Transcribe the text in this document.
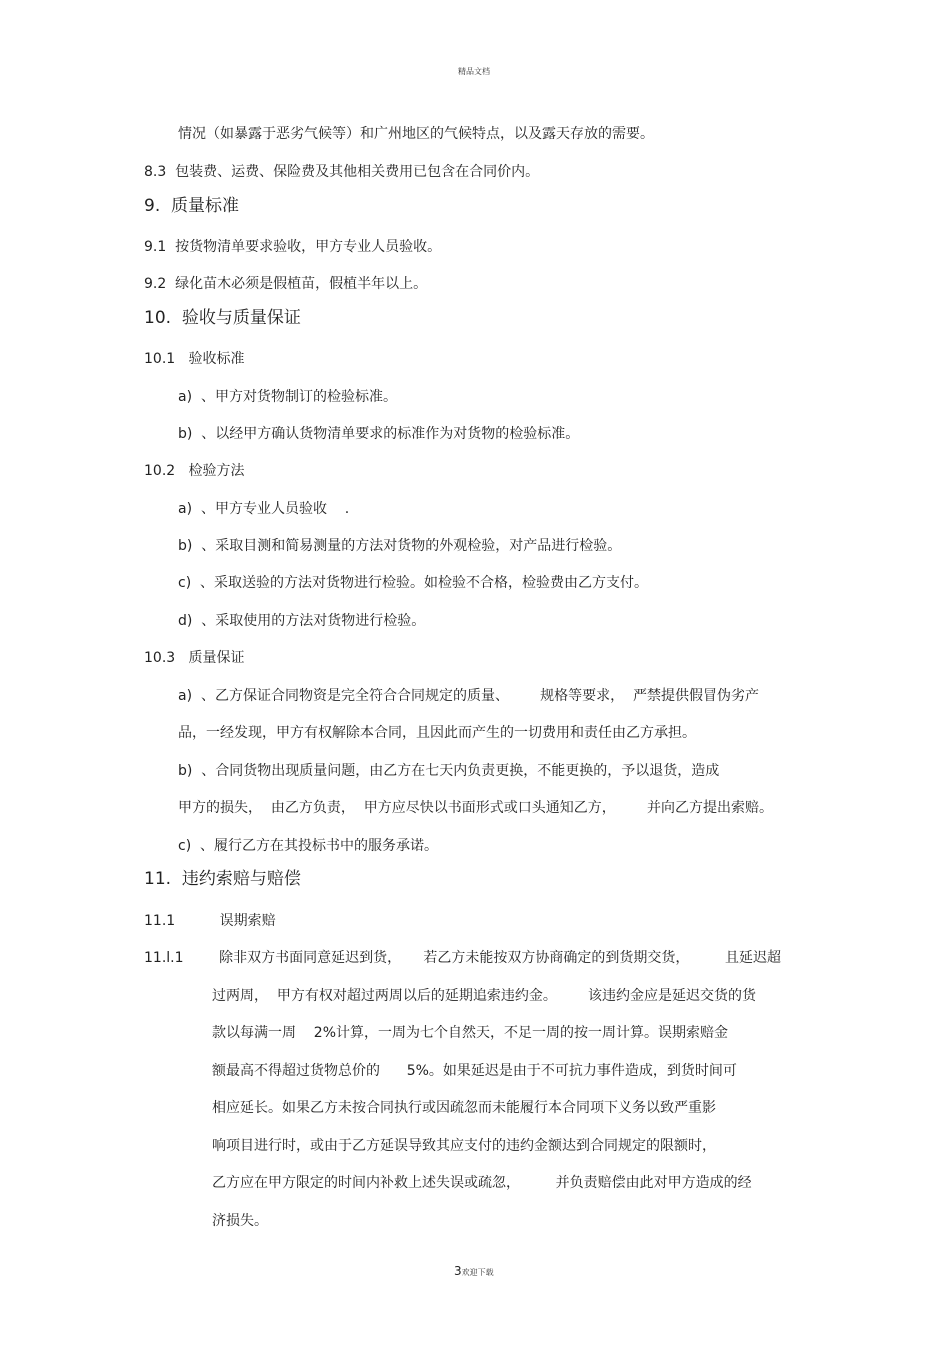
精品文档
情况（如暴露于恶劣气候等）和广州地区的气候特点，以及露天存放的需要。
8.3  包装费、运费、保险费及其他相关费用已包含在合同价内。
9.  质量标准
9.1  按货物清单要求验收，甲方专业人员验收。
9.2  绿化苗木必须是假植苗，假植半年以上。
10.  验收与质量保证
10.1   验收标准
a)  、甲方对货物制订的检验标准。
b)  、以经甲方确认货物清单要求的标准作为对货物的检验标准。
10.2   检验方法
a)  、甲方专业人员验收    .
b)  、采取目测和简易测量的方法对货物的外观检验，对产品进行检验。
c)  、采取送验的方法对货物进行检验。如检验不合格，检验费由乙方支付。
d)  、采取使用的方法对货物进行检验。
10.3   质量保证
a)  、乙方保证合同物资是完全符合合同规定的质量、       规格等要求，  严禁提供假冒伪劣产
品，一经发现，甲方有权解除本合同，且因此而产生的一切费用和责任由乙方承担。
b)  、合同货物出现质量问题，由乙方在七天内负责更换，不能更换的，予以退货，造成
甲方的损失，  由乙方负责，  甲方应尽快以书面形式或口头通知乙方，       并向乙方提出索赔。
c)  、履行乙方在其投标书中的服务承诺。
11.  违约索赔与赔偿
11.1          误期索赔
11.l.1        除非双方书面同意延迟到货，     若乙方未能按双方协商确定的到货期交货，        且延迟超
过两周，  甲方有权对超过两周以后的延期追索违约金。       该违约金应是延迟交货的货
款以每满一周    2%计算，一周为七个自然天，不足一周的按一周计算。误期索赔金
额最高不得超过货物总价的      5%。如果延迟是由于不可抗力事件造成，到货时间可
相应延长。如果乙方未按合同执行或因疏忽而未能履行本合同项下义务以致严重影
响项目进行时，或由于乙方延误导致其应支付的违约金额达到合同规定的限额时，
乙方应在甲方限定的时间内补救上述失误或疏忽，        并负责赔偿由此对甲方造成的经
济损失。
3欢迎下载
